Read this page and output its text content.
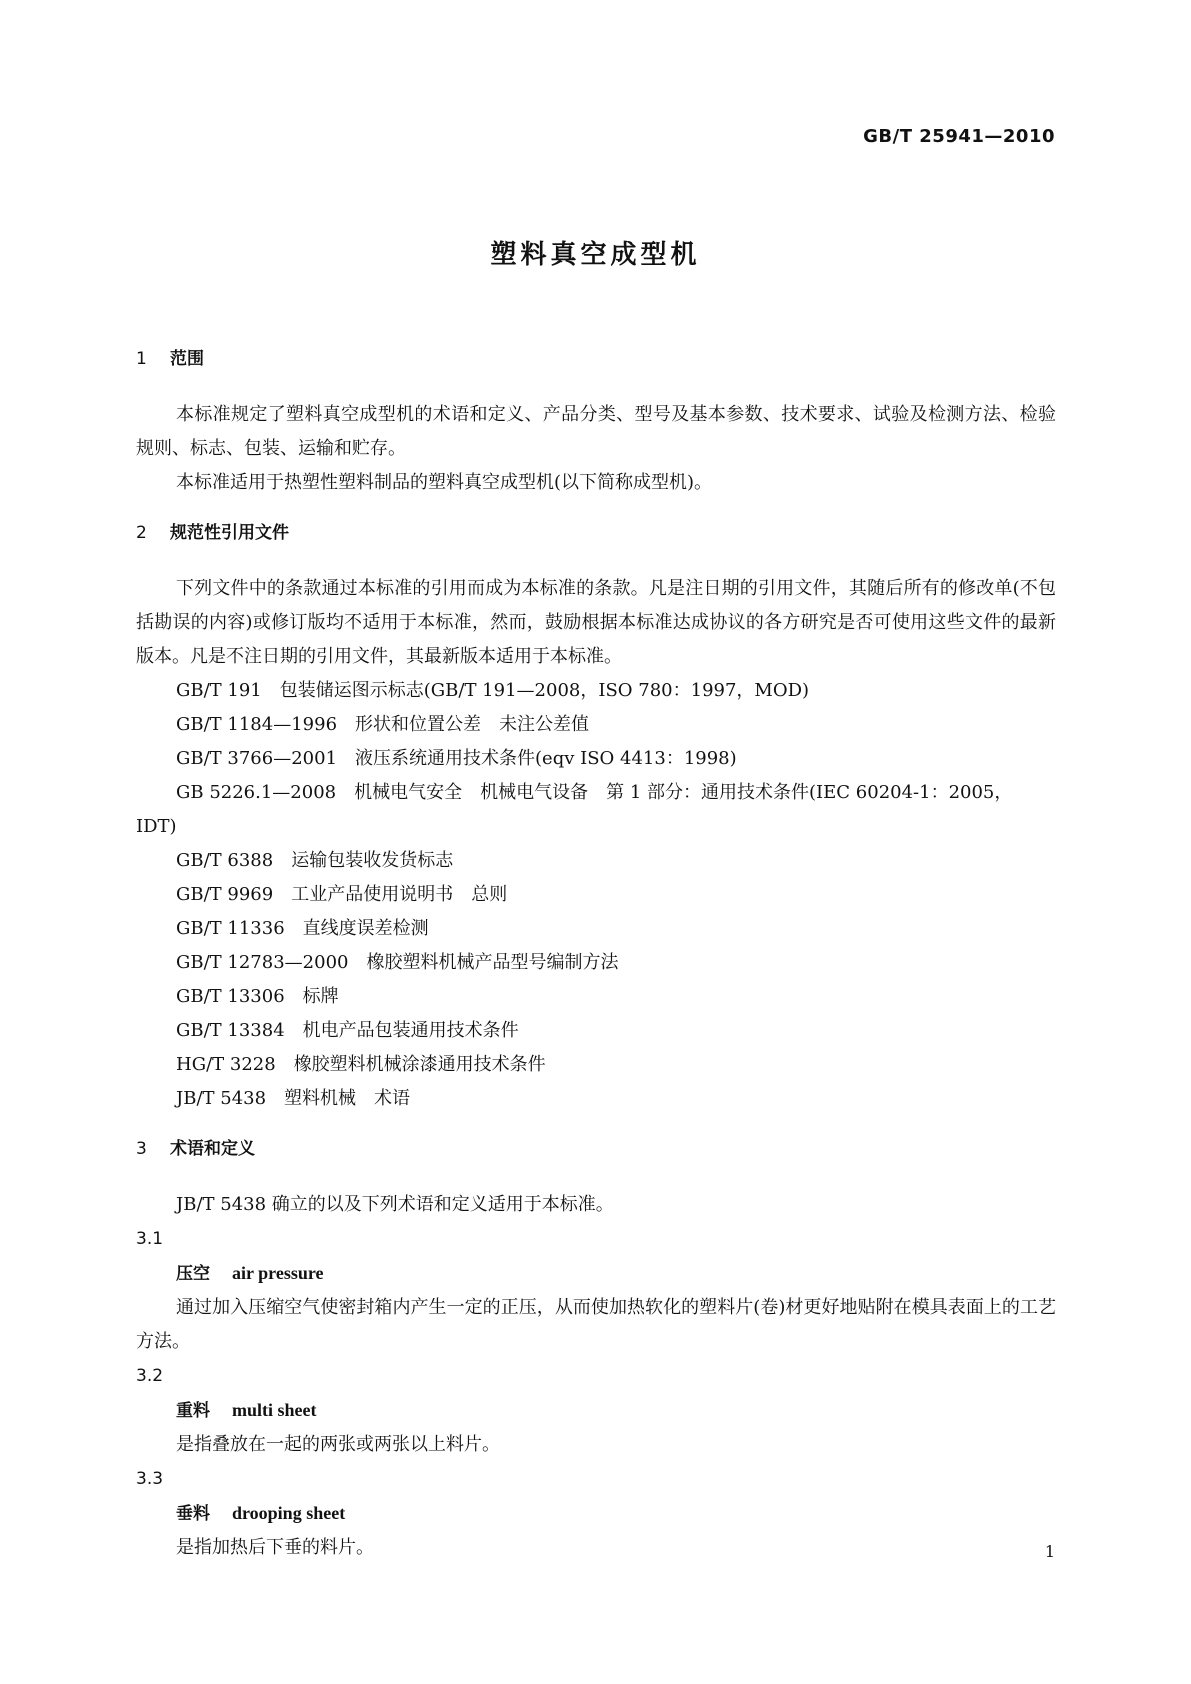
GB/T 25941—2010
塑料真空成型机
1 范围

本标准规定了塑料真空成型机的术语和定义、产品分类、型号及基本参数、技术要求、试验及检测方法、检验规则、标志、包装、运输和贮存。

本标准适用于热塑性塑料制品的塑料真空成型机(以下简称成型机)。

2 规范性引用文件

下列文件中的条款通过本标准的引用而成为本标准的条款。凡是注日期的引用文件，其随后所有的修改单(不包括勘误的内容)或修订版均不适用于本标准，然而，鼓励根据本标准达成协议的各方研究是否可使用这些文件的最新版本。凡是不注日期的引用文件，其最新版本适用于本标准。

GB/T 191 包装储运图示标志(GB/T 191—2008，ISO 780：1997，MOD)

GB/T 1184—1996 形状和位置公差　未注公差值

GB/T 3766—2001 液压系统通用技术条件(eqv ISO 4413：1998)

GB 5226.1—2008 机械电气安全　机械电气设备　第 1 部分：通用技术条件(IEC 60204-1：2005，

IDT)

GB/T 6388 运输包装收发货标志

GB/T 9969 工业产品使用说明书　总则

GB/T 11336 直线度误差检测

GB/T 12783—2000 橡胶塑料机械产品型号编制方法

GB/T 13306 标牌

GB/T 13384 机电产品包装通用技术条件

HG/T 3228 橡胶塑料机械涂漆通用技术条件

JB/T 5438 塑料机械　术语

3 术语和定义

JB/T 5438 确立的以及下列术语和定义适用于本标准。

3.1

压空 air pressure

通过加入压缩空气使密封箱内产生一定的正压，从而使加热软化的塑料片(卷)材更好地贴附在模具表面上的工艺方法。

3.2

重料 multi sheet

是指叠放在一起的两张或两张以上料片。

3.3

垂料 drooping sheet

是指加热后下垂的料片。	1
